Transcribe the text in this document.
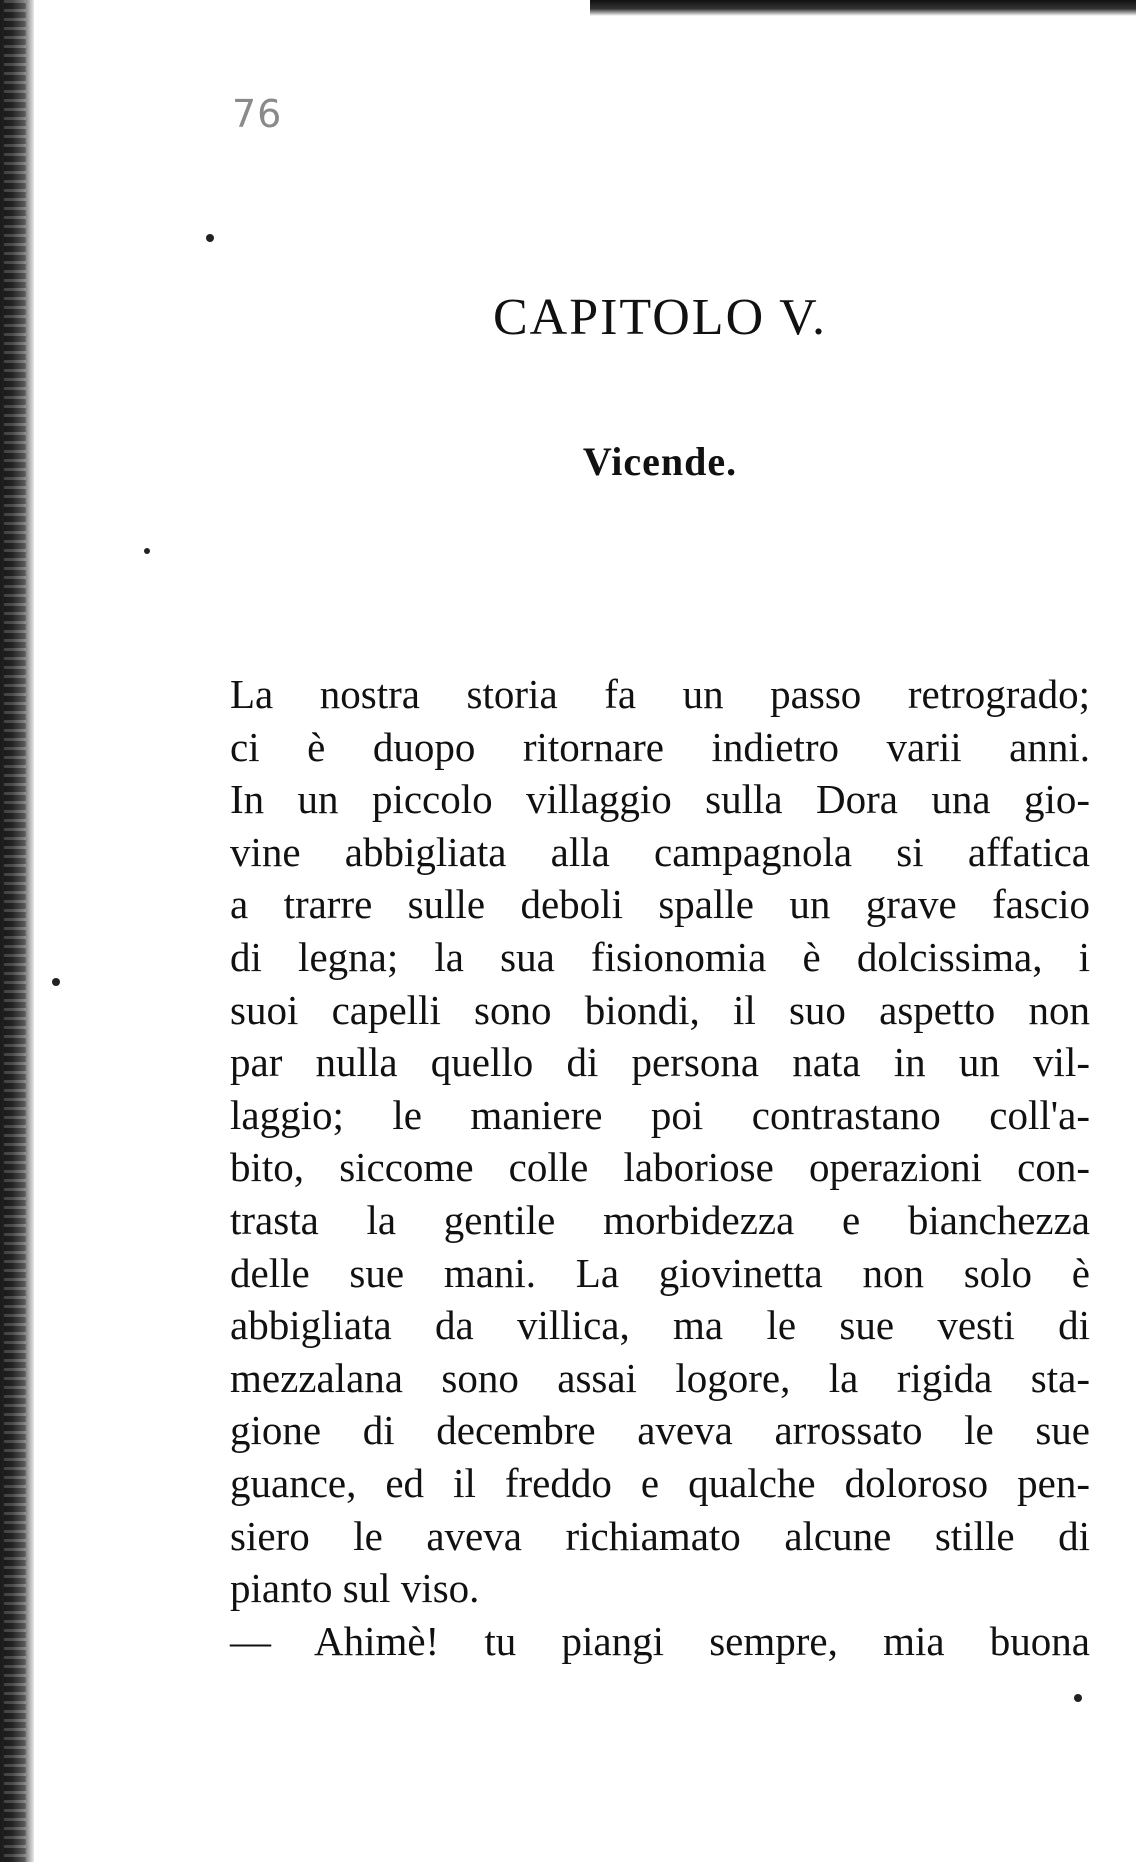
76
CAPITOLO V.
Vicende.
La nostra storia fa un passo retrogrado;
ci è duopo ritornare indietro varii anni.
In un piccolo villaggio sulla Dora una gio-
vine abbigliata alla campagnola si affatica
a trarre sulle deboli spalle un grave fascio
di legna; la sua fisionomia è dolcissima, i
suoi capelli sono biondi, il suo aspetto non
par nulla quello di persona nata in un vil-
laggio; le maniere poi contrastano coll'a-
bito, siccome colle laboriose operazioni con-
trasta la gentile morbidezza e bianchezza
delle sue mani. La giovinetta non solo è
abbigliata da villica, ma le sue vesti di
mezzalana sono assai logore, la rigida sta-
gione di decembre aveva arrossato le sue
guance, ed il freddo e qualche doloroso pen-
siero le aveva richiamato alcune stille di
pianto sul viso.
— Ahimè! tu piangi sempre, mia buona
